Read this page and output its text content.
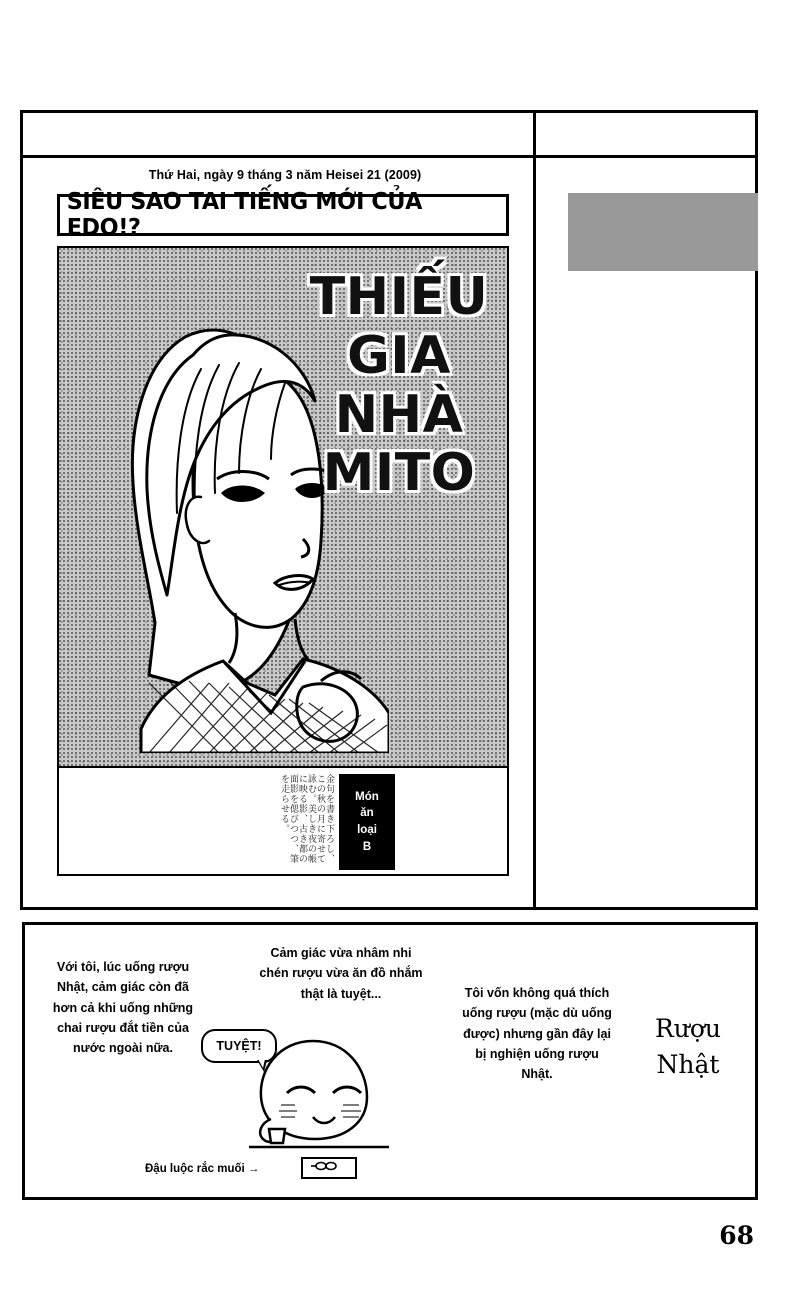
Thứ Hai, ngày 9 tháng 3 năm Heisei 21 (2009)
SIÊU SAO TAI TIẾNG MỚI CỦA EDO!?
THIẾU
GIA
NHÀ
MITO
金句を書き下ろし、この秋の月に寄せて詠む。美しき夜の帳に映る影、古き都の面影を偲びつつ、筆を走らせる。	Món
ăn
loại
B
Với tôi, lúc uống rượu Nhật, cảm giác còn đã hơn cả khi uống những chai rượu đắt tiền của nước ngoài nữa.
Cảm giác vừa nhâm nhi chén rượu vừa ăn đồ nhắm thật là tuyệt...	Tôi vốn không quá thích uống rượu (mặc dù uống được) nhưng gần đây lại bị nghiện uống rượu Nhật.
Rượu Nhật
TUYỆT!
Đậu luộc rắc muối →
68
